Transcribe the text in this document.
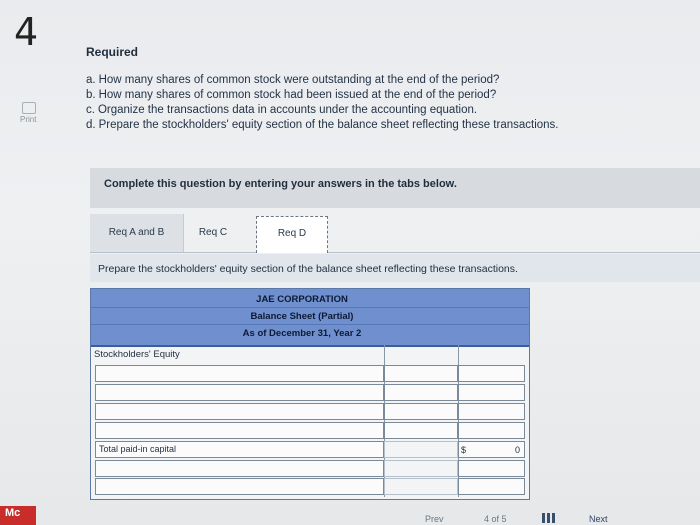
4
Print
Required
a. How many shares of common stock were outstanding at the end of the period?
b. How many shares of common stock had been issued at the end of the period?
c. Organize the transactions data in accounts under the accounting equation.
d. Prepare the stockholders' equity section of the balance sheet reflecting these transactions.
Complete this question by entering your answers in the tabs below.
Req A and B	Req C	Req D
Prepare the stockholders' equity section of the balance sheet reflecting these transactions.
JAE CORPORATION
Balance Sheet (Partial)
As of December 31, Year 2
Stockholders' Equity
Total paid-in capital	$	0
Mc	Prev	4 of 5	Next
